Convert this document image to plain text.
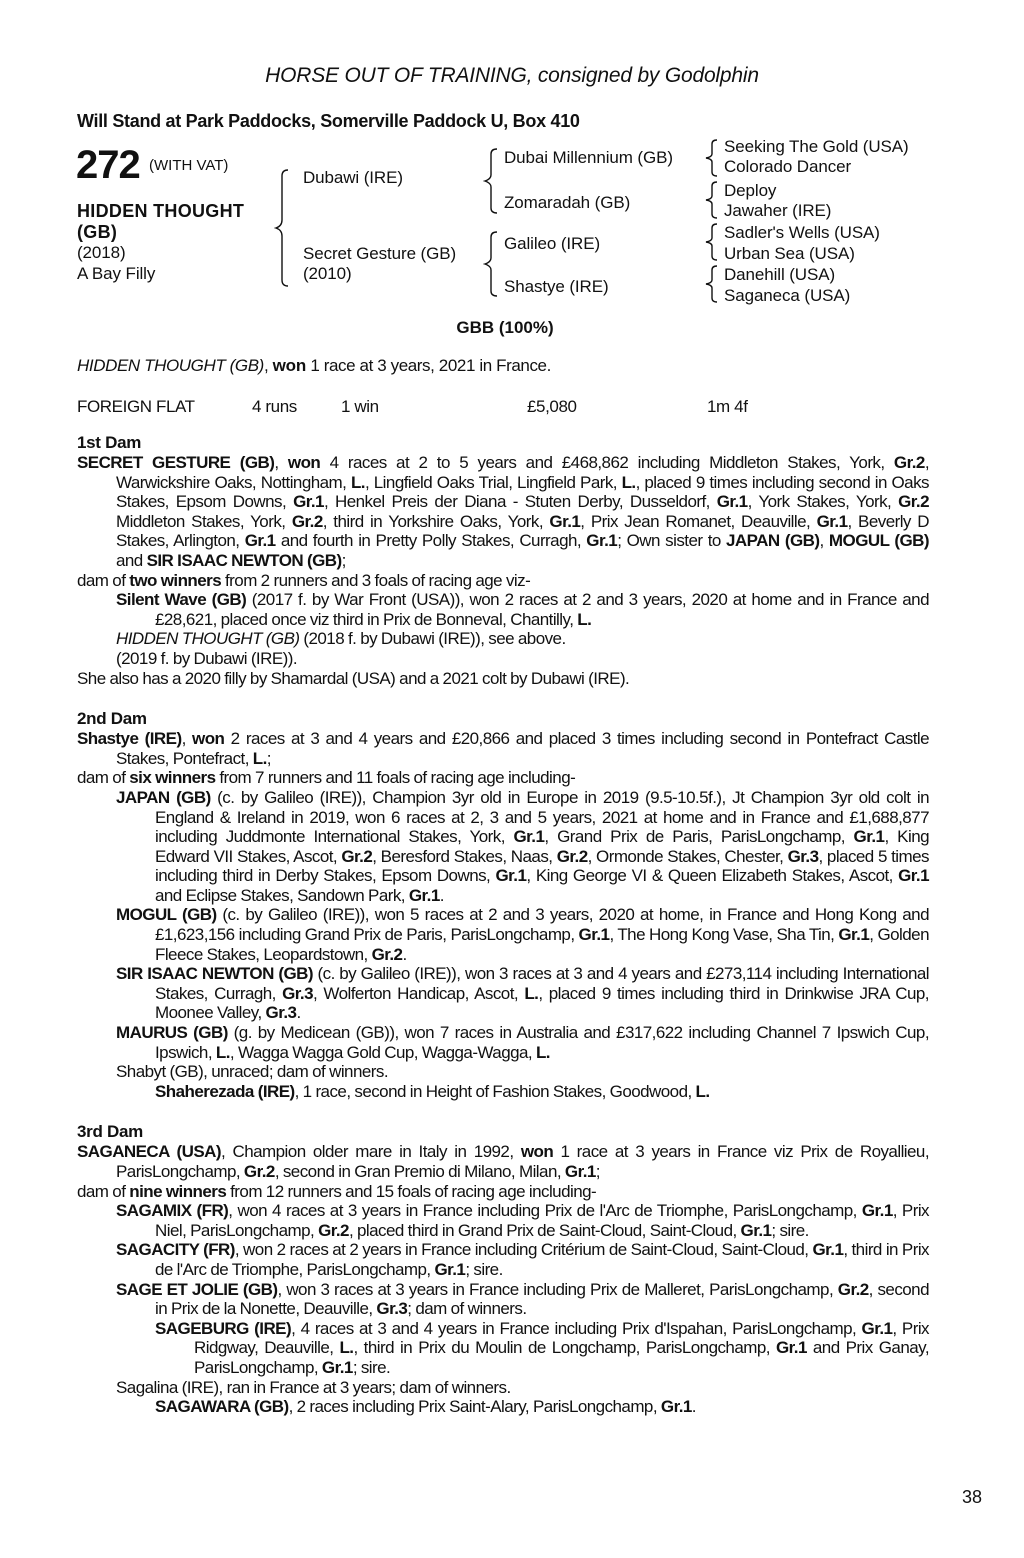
HORSE OUT OF TRAINING, consigned by Godolphin
Will Stand at Park Paddocks, Somerville Paddock U, Box 410
272 (WITH VAT)
HIDDEN THOUGHT
(GB)
(2018)
A Bay Filly
Dubawi (IRE)
Secret Gesture (GB)
(2010)
Dubai Millennium (GB)
Zomaradah (GB)
Galileo (IRE)
Shastye (IRE)
Seeking The Gold (USA)
Colorado Dancer
Deploy
Jawaher (IRE)
Sadler's Wells (USA)
Urban Sea (USA)
Danehill (USA)
Saganeca (USA)
GBB (100%)
HIDDEN THOUGHT (GB), won 1 race at 3 years, 2021 in France.
FOREIGN FLAT	4 runs	1 win	£5,080	1m 4f
1st Dam
SECRET GESTURE (GB), won 4 races at 2 to 5 years and £468,862 including Middleton Stakes, York, Gr.2, Warwickshire Oaks, Nottingham, L., Lingfield Oaks Trial, Lingfield Park, L., placed 9 times including second in Oaks Stakes, Epsom Downs, Gr.1, Henkel Preis der Diana - Stuten Derby, Dusseldorf, Gr.1, York Stakes, York, Gr.2 Middleton Stakes, York, Gr.2, third in Yorkshire Oaks, York, Gr.1, Prix Jean Romanet, Deauville, Gr.1, Beverly D Stakes, Arlington, Gr.1 and fourth in Pretty Polly Stakes, Curragh, Gr.1; Own sister to JAPAN (GB), MOGUL (GB) and SIR ISAAC NEWTON (GB);
dam of two winners from 2 runners and 3 foals of racing age viz-
Silent Wave (GB) (2017 f. by War Front (USA)), won 2 races at 2 and 3 years, 2020 at home and in France and £28,621, placed once viz third in Prix de Bonneval, Chantilly, L.
HIDDEN THOUGHT (GB) (2018 f. by Dubawi (IRE)), see above.
(2019 f. by Dubawi (IRE)).
She also has a 2020 filly by Shamardal (USA) and a 2021 colt by Dubawi (IRE).
2nd Dam
Shastye (IRE), won 2 races at 3 and 4 years and £20,866 and placed 3 times including second in Pontefract Castle Stakes, Pontefract, L.;
dam of six winners from 7 runners and 11 foals of racing age including-
JAPAN (GB) (c. by Galileo (IRE)), Champion 3yr old in Europe in 2019 (9.5-10.5f.), Jt Champion 3yr old colt in England & Ireland in 2019, won 6 races at 2, 3 and 5 years, 2021 at home and in France and £1,688,877 including Juddmonte International Stakes, York, Gr.1, Grand Prix de Paris, ParisLongchamp, Gr.1, King Edward VII Stakes, Ascot, Gr.2, Beresford Stakes, Naas, Gr.2, Ormonde Stakes, Chester, Gr.3, placed 5 times including third in Derby Stakes, Epsom Downs, Gr.1, King George VI & Queen Elizabeth Stakes, Ascot, Gr.1 and Eclipse Stakes, Sandown Park, Gr.1.
MOGUL (GB) (c. by Galileo (IRE)), won 5 races at 2 and 3 years, 2020 at home, in France and Hong Kong and £1,623,156 including Grand Prix de Paris, ParisLongchamp, Gr.1, The Hong Kong Vase, Sha Tin, Gr.1, Golden Fleece Stakes, Leopardstown, Gr.2.
SIR ISAAC NEWTON (GB) (c. by Galileo (IRE)), won 3 races at 3 and 4 years and £273,114 including International Stakes, Curragh, Gr.3, Wolferton Handicap, Ascot, L., placed 9 times including third in Drinkwise JRA Cup, Moonee Valley, Gr.3.
MAURUS (GB) (g. by Medicean (GB)), won 7 races in Australia and £317,622 including Channel 7 Ipswich Cup, Ipswich, L., Wagga Wagga Gold Cup, Wagga-Wagga, L.
Shabyt (GB), unraced; dam of winners.
Shaherezada (IRE), 1 race, second in Height of Fashion Stakes, Goodwood, L.
3rd Dam
SAGANECA (USA), Champion older mare in Italy in 1992, won 1 race at 3 years in France viz Prix de Royallieu, ParisLongchamp, Gr.2, second in Gran Premio di Milano, Milan, Gr.1;
dam of nine winners from 12 runners and 15 foals of racing age including-
SAGAMIX (FR), won 4 races at 3 years in France including Prix de l'Arc de Triomphe, ParisLongchamp, Gr.1, Prix Niel, ParisLongchamp, Gr.2, placed third in Grand Prix de Saint-Cloud, Saint-Cloud, Gr.1; sire.
SAGACITY (FR), won 2 races at 2 years in France including Critérium de Saint-Cloud, Saint-Cloud, Gr.1, third in Prix de l'Arc de Triomphe, ParisLongchamp, Gr.1; sire.
SAGE ET JOLIE (GB), won 3 races at 3 years in France including Prix de Malleret, ParisLongchamp, Gr.2, second in Prix de la Nonette, Deauville, Gr.3; dam of winners.
SAGEBURG (IRE), 4 races at 3 and 4 years in France including Prix d'Ispahan, ParisLongchamp, Gr.1, Prix Ridgway, Deauville, L., third in Prix du Moulin de Longchamp, ParisLongchamp, Gr.1 and Prix Ganay, ParisLongchamp, Gr.1; sire.
Sagalina (IRE), ran in France at 3 years; dam of winners.
SAGAWARA (GB), 2 races including Prix Saint-Alary, ParisLongchamp, Gr.1.
38
